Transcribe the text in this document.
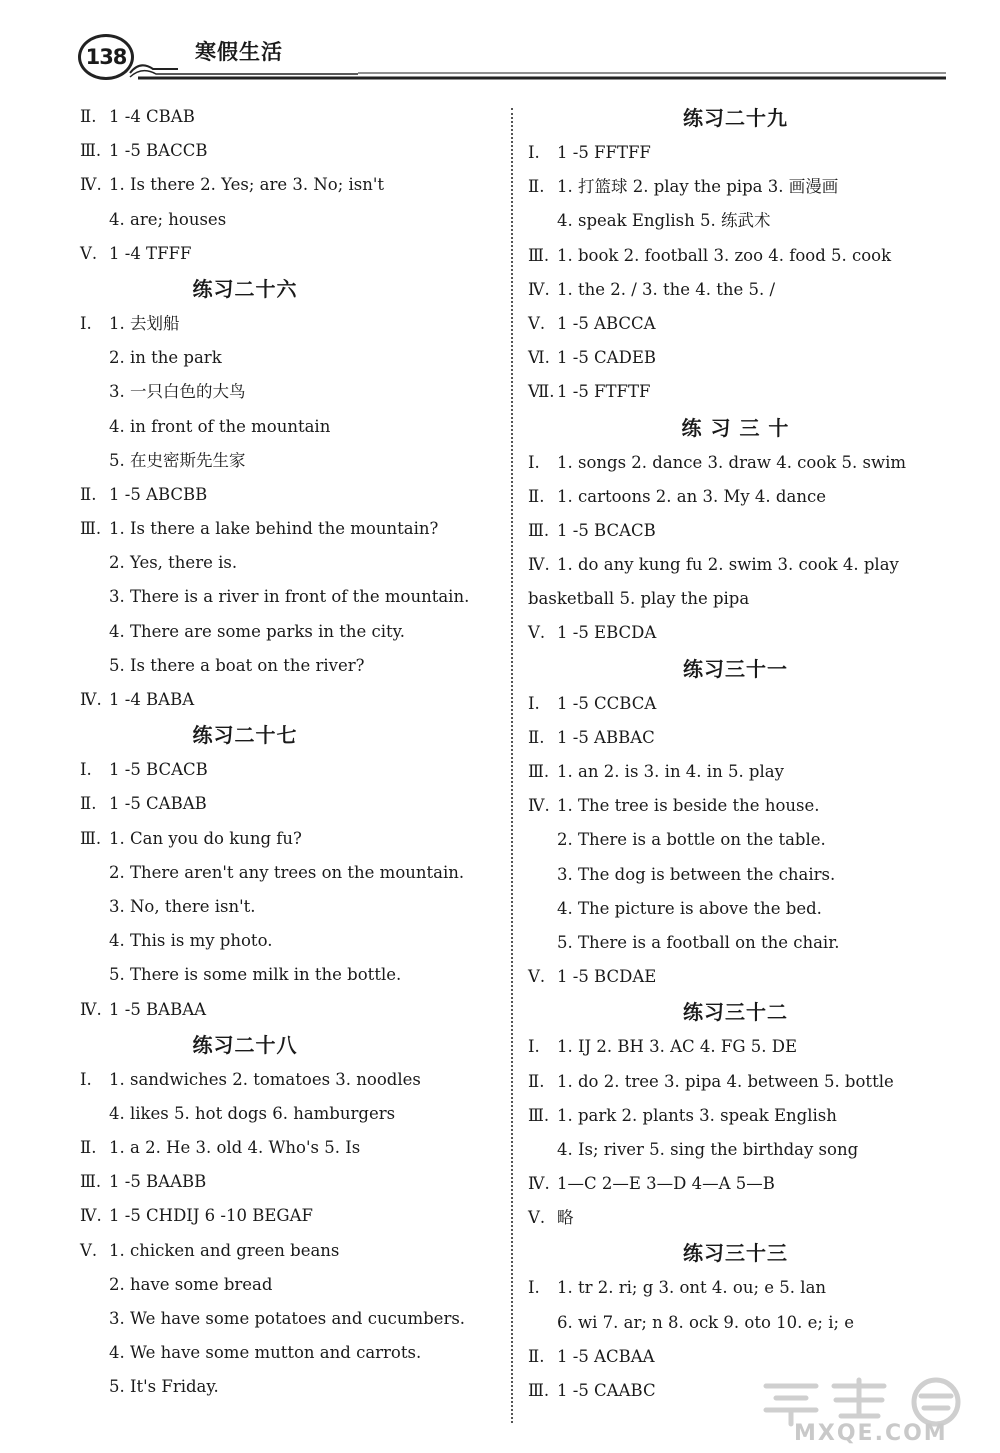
138	寒假生活
Ⅱ. 1 -4 CBAB
Ⅲ. 1 -5 BACCB
Ⅳ. 1. Is there 2. Yes; are 3. No; isn't
4. are; houses
Ⅴ. 1 -4 TFFF
练习二十六
Ⅰ. 1. 去划船
2. in the park
3. 一只白色的大鸟
4. in front of the mountain
5. 在史密斯先生家
Ⅱ. 1 -5 ABCBB
Ⅲ. 1. Is there a lake behind the mountain?
2. Yes, there is.
3. There is a river in front of the mountain.
4. There are some parks in the city.
5. Is there a boat on the river?
Ⅳ. 1 -4 BABA
练习二十七
Ⅰ. 1 -5 BCACB
Ⅱ. 1 -5 CABAB
Ⅲ. 1. Can you do kung fu?
2. There aren't any trees on the mountain.
3. No, there isn't.
4. This is my photo.
5. There is some milk in the bottle.
Ⅳ. 1 -5 BABAA
练习二十八
Ⅰ. 1. sandwiches 2. tomatoes 3. noodles
4. likes 5. hot dogs 6. hamburgers
Ⅱ. 1. a 2. He 3. old 4. Who's 5. Is
Ⅲ. 1 -5 BAABB
Ⅳ. 1 -5 CHDIJ 6 -10 BEGAF
Ⅴ. 1. chicken and green beans
2. have some bread
3. We have some potatoes and cucumbers.
4. We have some mutton and carrots.
5. It's Friday.
练习二十九
Ⅰ. 1 -5 FFTFF
Ⅱ. 1. 打篮球 2. play the pipa 3. 画漫画
4. speak English 5. 练武术
Ⅲ. 1. book 2. football 3. zoo 4. food 5. cook
Ⅳ. 1. the 2. / 3. the 4. the 5. /
Ⅴ. 1 -5 ABCCA
Ⅵ. 1 -5 CADEB
Ⅶ. 1 -5 FTFTF
练 习 三 十
Ⅰ. 1. songs 2. dance 3. draw 4. cook 5. swim
Ⅱ. 1. cartoons 2. an 3. My 4. dance
Ⅲ. 1 -5 BCACB
Ⅳ. 1. do any kung fu 2. swim 3. cook 4. play
basketball 5. play the pipa
Ⅴ. 1 -5 EBCDA
练习三十一
Ⅰ. 1 -5 CCBCA
Ⅱ. 1 -5 ABBAC
Ⅲ. 1. an 2. is 3. in 4. in 5. play
Ⅳ. 1. The tree is beside the house.
2. There is a bottle on the table.
3. The dog is between the chairs.
4. The picture is above the bed.
5. There is a football on the chair.
Ⅴ. 1 -5 BCDAE
练习三十二
Ⅰ. 1. IJ 2. BH 3. AC 4. FG 5. DE
Ⅱ. 1. do 2. tree 3. pipa 4. between 5. bottle
Ⅲ. 1. park 2. plants 3. speak English
4. Is; river 5. sing the birthday song
Ⅳ. 1—C 2—E 3—D 4—A 5—B
Ⅴ. 略
练习三十三
Ⅰ. 1. tr 2. ri; g 3. ont 4. ou; e 5. lan
6. wi 7. ar; n 8. ock 9. oto 10. e; i; e
Ⅱ. 1 -5 ACBAA
Ⅲ. 1 -5 CAABC
MXQE.COM
